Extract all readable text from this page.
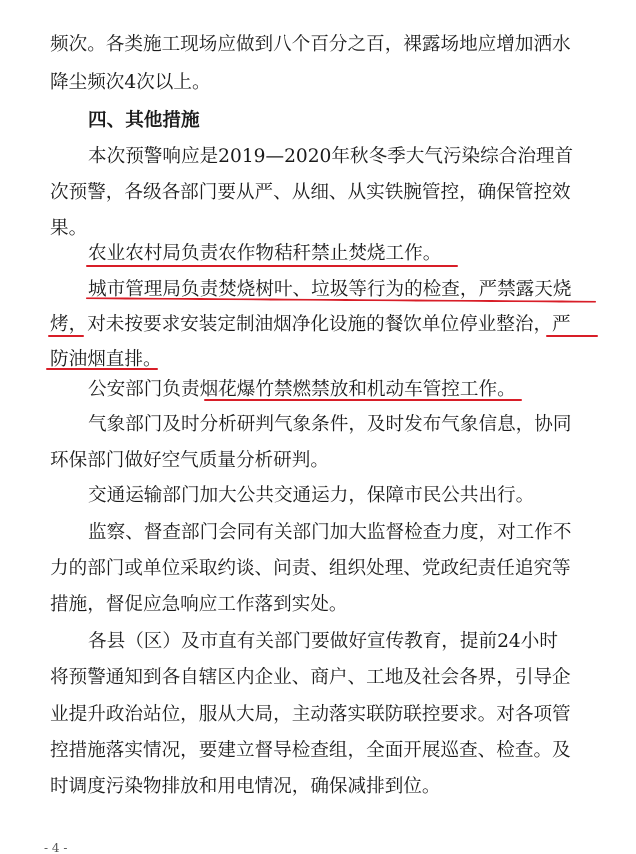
频次。各类施工现场应做到八个百分之百，裸露场地应增加洒水
降尘频次4次以上。
四、其他措施
本次预警响应是2019—2020年秋冬季大气污染综合治理首
次预警，各级各部门要从严、从细、从实铁腕管控，确保管控效
果。
农业农村局负责农作物秸秆禁止焚烧工作。
城市管理局负责焚烧树叶、垃圾等行为的检查，严禁露天烧
烤，对未按要求安装定制油烟净化设施的餐饮单位停业整治，严
防油烟直排。
公安部门负责烟花爆竹禁燃禁放和机动车管控工作。
气象部门及时分析研判气象条件，及时发布气象信息，协同
环保部门做好空气质量分析研判。
交通运输部门加大公共交通运力，保障市民公共出行。
监察、督查部门会同有关部门加大监督检查力度，对工作不
力的部门或单位采取约谈、问责、组织处理、党政纪责任追究等
措施，督促应急响应工作落到实处。
各县（区）及市直有关部门要做好宣传教育，提前24小时
将预警通知到各自辖区内企业、商户、工地及社会各界，引导企
业提升政治站位，服从大局，主动落实联防联控要求。对各项管
控措施落实情况，要建立督导检查组，全面开展巡查、检查。及
时调度污染物排放和用电情况，确保减排到位。
- 4 -
